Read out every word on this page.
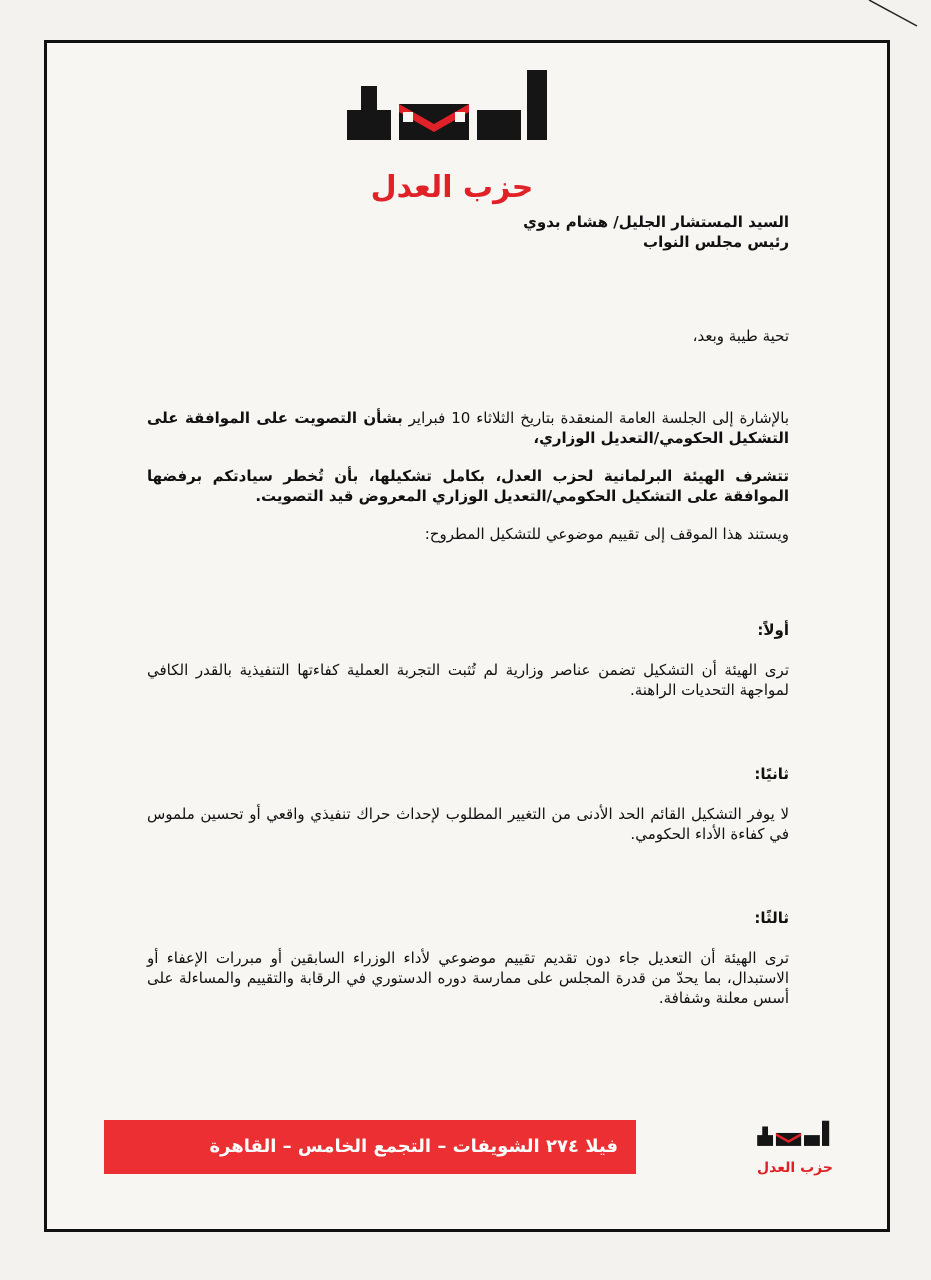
حزب العدل

السيد المستشار الجليل/ هشام بدوي

رئيس مجلس النواب

تحية طيبة وبعد،

بالإشارة إلى الجلسة العامة المنعقدة بتاريخ الثلاثاء 10 فبراير بشأن التصويت على الموافقة على التشكيل الحكومي/التعديل الوزاري،

تتشرف الهيئة البرلمانية لحزب العدل، بكامل تشكيلها، بأن تُخطر سيادتكم برفضها الموافقة على التشكيل الحكومي/التعديل الوزاري المعروض قيد التصويت.

ويستند هذا الموقف إلى تقييم موضوعي للتشكيل المطروح:

أولاً:

ترى الهيئة أن التشكيل تضمن عناصر وزارية لم تُثبت التجربة العملية كفاءتها التنفيذية بالقدر الكافي لمواجهة التحديات الراهنة.

ثانيًا:

لا يوفر التشكيل القائم الحد الأدنى من التغيير المطلوب لإحداث حراك تنفيذي واقعي أو تحسين ملموس في كفاءة الأداء الحكومي.

ثالثًا:

ترى الهيئة أن التعديل جاء دون تقديم تقييم موضوعي لأداء الوزراء السابقين أو مبررات الإعفاء أو الاستبدال، بما يحدّ من قدرة المجلس على ممارسة دوره الدستوري في الرقابة والتقييم والمساءلة على أسس معلنة وشفافة.

فيلا ٢٧٤ الشويفات – التجمع الخامس – القاهرة
حزب العدل
